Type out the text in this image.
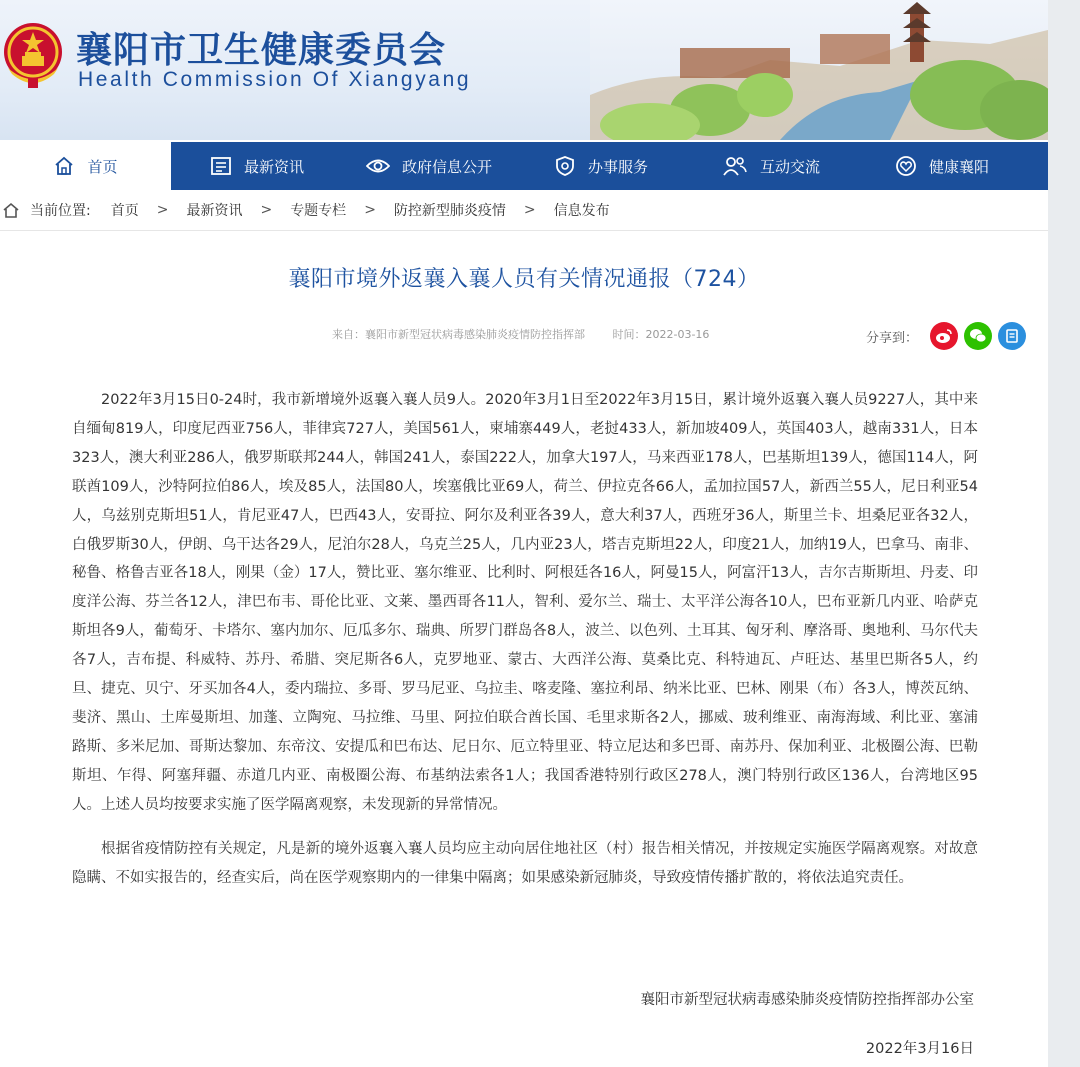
襄阳市卫生健康委员会
Health Commission Of Xiangyang
首页	最新资讯	政府信息公开	办事服务	互动交流	健康襄阳
当前位置: 首页 > 最新资讯 > 专题专栏 > 防控新型肺炎疫情 > 信息发布
襄阳市境外返襄入襄人员有关情况通报（724）
来自：襄阳市新型冠状病毒感染肺炎疫情防控指挥部	时间：2022-03-16	分享到：

2022年3月15日0-24时，我市新增境外返襄入襄人员9人。2020年3月1日至2022年3月15日，累计境外返襄入襄人员9227人，其中来自缅甸819人，印度尼西亚756人，菲律宾727人，美国561人，柬埔寨449人，老挝433人，新加坡409人，英国403人，越南331人，日本323人，澳大利亚286人，俄罗斯联邦244人，韩国241人，泰国222人，加拿大197人，马来西亚178人，巴基斯坦139人，德国114人，阿联酋109人，沙特阿拉伯86人，埃及85人，法国80人，埃塞俄比亚69人，荷兰、伊拉克各66人，孟加拉国57人，新西兰55人，尼日利亚54人，乌兹别克斯坦51人，肯尼亚47人，巴西43人，安哥拉、阿尔及利亚各39人，意大利37人，西班牙36人，斯里兰卡、坦桑尼亚各32人，白俄罗斯30人，伊朗、乌干达各29人，尼泊尔28人，乌克兰25人，几内亚23人，塔吉克斯坦22人，印度21人，加纳19人，巴拿马、南非、秘鲁、格鲁吉亚各18人，刚果（金）17人，赞比亚、塞尔维亚、比利时、阿根廷各16人，阿曼15人，阿富汗13人，吉尔吉斯斯坦、丹麦、印度洋公海、芬兰各12人，津巴布韦、哥伦比亚、文莱、墨西哥各11人，智利、爱尔兰、瑞士、太平洋公海各10人，巴布亚新几内亚、哈萨克斯坦各9人，葡萄牙、卡塔尔、塞内加尔、厄瓜多尔、瑞典、所罗门群岛各8人，波兰、以色列、土耳其、匈牙利、摩洛哥、奥地利、马尔代夫各7人，吉布提、科威特、苏丹、希腊、突尼斯各6人，克罗地亚、蒙古、大西洋公海、莫桑比克、科特迪瓦、卢旺达、基里巴斯各5人，约旦、捷克、贝宁、牙买加各4人，委内瑞拉、多哥、罗马尼亚、乌拉圭、喀麦隆、塞拉利昂、纳米比亚、巴林、刚果（布）各3人，博茨瓦纳、斐济、黑山、土库曼斯坦、加蓬、立陶宛、马拉维、马里、阿拉伯联合酋长国、毛里求斯各2人，挪威、玻利维亚、南海海域、利比亚、塞浦路斯、多米尼加、哥斯达黎加、东帝汶、安提瓜和巴布达、尼日尔、厄立特里亚、特立尼达和多巴哥、南苏丹、保加利亚、北极圈公海、巴勒斯坦、乍得、阿塞拜疆、赤道几内亚、南极圈公海、布基纳法索各1人；我国香港特别行政区278人，澳门特别行政区136人，台湾地区95人。上述人员均按要求实施了医学隔离观察，未发现新的异常情况。

根据省疫情防控有关规定，凡是新的境外返襄入襄人员均应主动向居住地社区（村）报告相关情况，并按规定实施医学隔离观察。对故意隐瞒、不如实报告的，经查实后，尚在医学观察期内的一律集中隔离；如果感染新冠肺炎，导致疫情传播扩散的，将依法追究责任。

襄阳市新型冠状病毒感染肺炎疫情防控指挥部办公室
2022年3月16日
